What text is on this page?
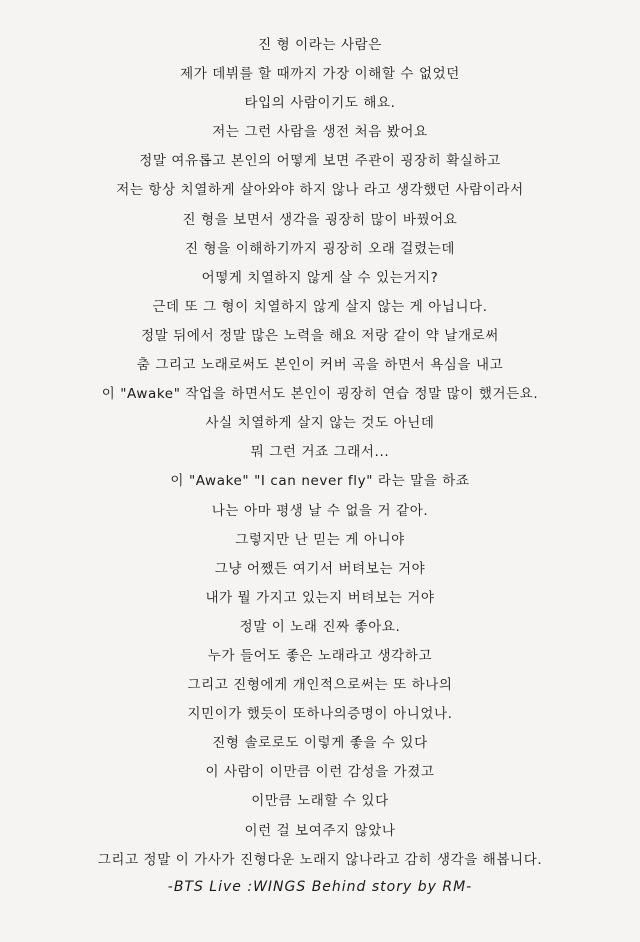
진 형 이라는 사람은
제가 데뷔를 할 때까지 가장 이해할 수 없었던
타입의 사람이기도 해요.
저는 그런 사람을 생전 처음 봤어요
정말 여유롭고 본인의 어떻게 보면 주관이 굉장히 확실하고
저는 항상 치열하게 살아와야 하지 않나 라고 생각했던 사람이라서
진 형을 보면서 생각을 굉장히 많이 바꿨어요
진 형을 이해하기까지 굉장히 오래 걸렸는데
어떻게 치열하지 않게 살 수 있는거지?
근데 또 그 형이 치열하지 않게 살지 않는 게 아닙니다.
정말 뒤에서 정말 많은 노력을 해요 저랑 같이 약 날개로써
춤 그리고 노래로써도 본인이 커버 곡을 하면서 욕심을 내고
이 "Awake" 작업을 하면서도 본인이 굉장히 연습 정말 많이 했거든요.
사실 치열하게 살지 않는 것도 아닌데
뭐 그런 거죠 그래서...
이 "Awake" "I can never fly" 라는 말을 하죠
나는 아마 평생 날 수 없을 거 같아.
그렇지만 난 믿는 게 아니야
그냥 어쨌든 여기서 버텨보는 거야
내가 뭘 가지고 있는지 버텨보는 거야
정말 이 노래 진짜 좋아요.
누가 들어도 좋은 노래라고 생각하고
그리고 진형에게 개인적으로써는 또 하나의
지민이가 했듯이 또하나의증명이 아니었나.
진형 솔로로도 이렇게 좋을 수 있다
이 사람이 이만큼 이런 감성을 가졌고
이만큼 노래할 수 있다
이런 걸 보여주지 않았나
그리고 정말 이 가사가 진형다운 노래지 않나라고 감히 생각을 해봅니다.
-BTS Live :WINGS Behind story by RM-
